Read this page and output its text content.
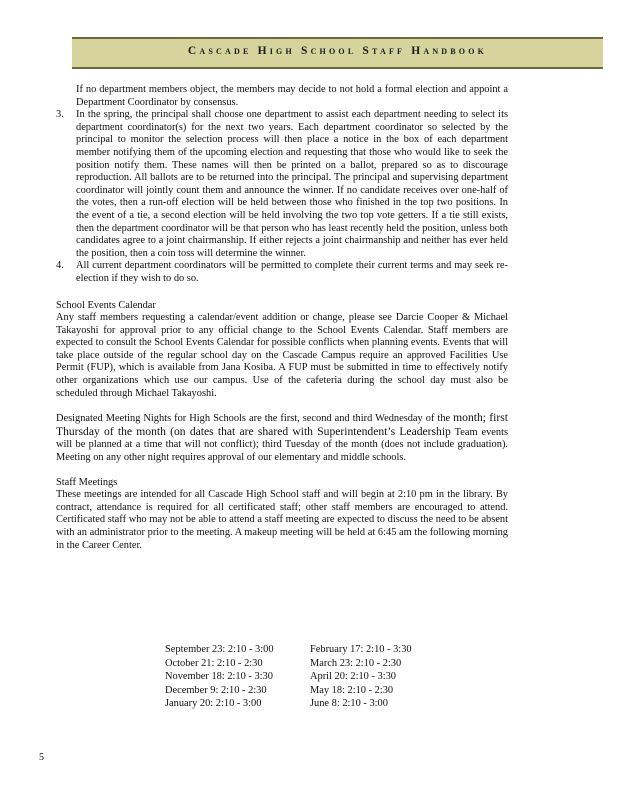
Cascade High School Staff Handbook

If no department members object, the members may decide to not hold a formal election and appoint a Department Coordinator by consensus.

3. In the spring, the principal shall choose one department to assist each department needing to select its department coordinator(s) for the next two years. Each department coordinator so selected by the principal to monitor the selection process will then place a notice in the box of each department member notifying them of the upcoming election and requesting that those who would like to seek the position notify them. These names will then be printed on a ballot, prepared so as to discourage reproduction. All ballots are to be returned into the principal. The principal and supervising department coordinator will jointly count them and announce the winner. If no candidate receives over one-half of the votes, then a run-off election will be held between those who finished in the top two positions. In the event of a tie, a second election will be held involving the two top vote getters. If a tie still exists, then the department coordinator will be that person who has least recently held the position, unless both candidates agree to a joint chairmanship. If either rejects a joint chairmanship and neither has ever held the position, then a coin toss will determine the winner.

4. All current department coordinators will be permitted to complete their current terms and may seek re-election if they wish to do so.

School Events Calendar

Any staff members requesting a calendar/event addition or change, please see Darcie Cooper & Michael Takayoshi for approval prior to any official change to the School Events Calendar. Staff members are expected to consult the School Events Calendar for possible conflicts when planning events. Events that will take place outside of the regular school day on the Cascade Campus require an approved Facilities Use Permit (FUP), which is available from Jana Kosiba. A FUP must be submitted in time to effectively notify other organizations which use our campus. Use of the cafeteria during the school day must also be scheduled through Michael Takayoshi.

Designated Meeting Nights for High Schools are the first, second and third Wednesday of the month; first Thursday of the month (on dates that are shared with Superintendent’s Leadership Team events will be planned at a time that will not conflict); third Tuesday of the month (does not include graduation). Meeting on any other night requires approval of our elementary and middle schools.

Staff Meetings

These meetings are intended for all Cascade High School staff and will begin at 2:10 pm in the library. By contract, attendance is required for all certificated staff; other staff members are encouraged to attend. Certificated staff who may not be able to attend a staff meeting are expected to discuss the need to be absent with an administrator prior to the meeting. A makeup meeting will be held at 6:45 am the following morning in the Career Center.

September 23: 2:10 - 3:00	February 17: 2:10 - 3:30
October 21: 2:10 - 2:30	March 23: 2:10 - 2:30
November 18: 2:10 - 3:30	April 20: 2:10 - 3:30
December 9: 2:10 - 2:30	May 18: 2:10 - 2:30
January 20: 2:10 - 3:00	June 8: 2:10 - 3:00
5
